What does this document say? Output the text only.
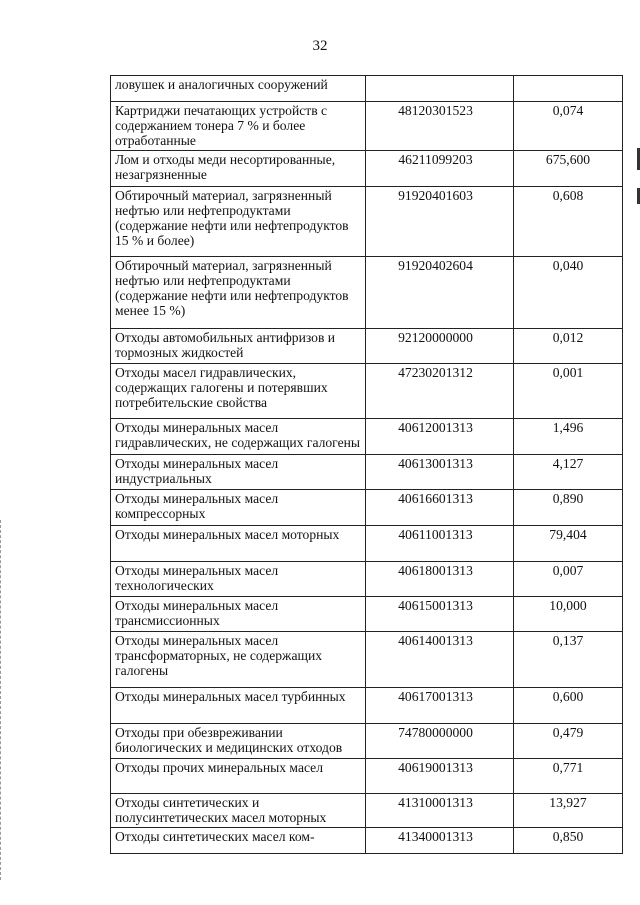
32
ловушек и аналогичных сооружений		
Картриджи печатающих устройств с содержанием тонера 7 % и более отработанные	48120301523	0,074
Лом и отходы меди несортированные, незагрязненные	46211099203	675,600
Обтирочный материал, загрязненный нефтью или нефтепродуктами (содержание нефти или нефтепродуктов 15 % и более)	91920401603	0,608
Обтирочный материал, загрязненный нефтью или нефтепродуктами (содержание нефти или нефтепродуктов менее 15 %)	91920402604	0,040
Отходы автомобильных антифризов и тормозных жидкостей	92120000000	0,012
Отходы масел гидравлических, содержащих галогены и потерявших потребительские свойства	47230201312	0,001
Отходы минеральных масел гидравлических, не содержащих галогены	40612001313	1,496
Отходы минеральных масел индустриальных	40613001313	4,127
Отходы минеральных масел компрессорных	40616601313	0,890
Отходы минеральных масел моторных	40611001313	79,404
Отходы минеральных масел технологических	40618001313	0,007
Отходы минеральных масел трансмиссионных	40615001313	10,000
Отходы минеральных масел трансформаторных, не содержащих галогены	40614001313	0,137
Отходы минеральных масел турбинных	40617001313	0,600
Отходы при обезвреживании биологических и медицинских отходов	74780000000	0,479
Отходы прочих минеральных масел	40619001313	0,771
Отходы синтетических и полусинтетических масел моторных	41310001313	13,927
Отходы синтетических масел ком-	41340001313	0,850
